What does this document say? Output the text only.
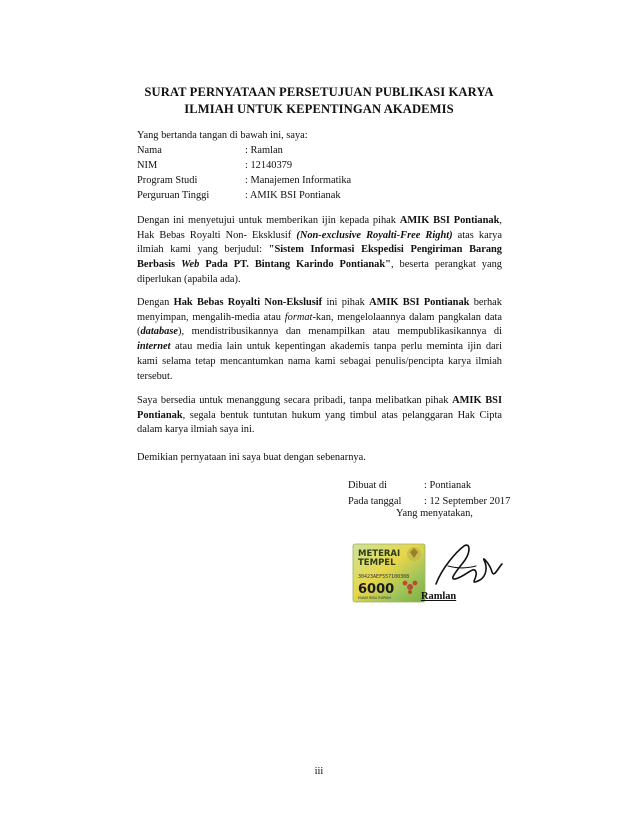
SURAT PERNYATAAN PERSETUJUAN PUBLIKASI KARYA
ILMIAH UNTUK KEPENTINGAN AKADEMIS
Yang bertanda tangan di bawah ini, saya:
Nama	: Ramlan
NIM	: 12140379
Program Studi	: Manajemen Informatika
Perguruan Tinggi	: AMIK BSI Pontianak
Dengan ini menyetujui untuk memberikan ijin kepada pihak AMIK BSI Pontianak, Hak Bebas Royalti Non- Eksklusif (Non-exclusive Royalti-Free Right) atas karya ilmiah kami yang berjudul: "Sistem Informasi Ekspedisi Pengiriman Barang Berbasis Web Pada PT. Bintang Karindo Pontianak", beserta perangkat yang diperlukan (apabila ada).
Dengan Hak Bebas Royalti Non-Ekslusif ini pihak AMIK BSI Pontianak berhak menyimpan, mengalih-media atau format-kan, mengelolaannya dalam pangkalan data (database), mendistribusikannya dan menampilkan atau mempublikasikannya di internet atau media lain untuk kepentingan akademis tanpa perlu meminta ijin dari kami selama tetap mencantumkan nama kami sebagai penulis/pencipta karya ilmiah tersebut.
Saya bersedia untuk menanggung secara pribadi, tanpa melibatkan pihak AMIK BSI Pontianak, segala bentuk tuntutan hukum yang timbul atas pelanggaran Hak Cipta dalam karya ilmiah saya ini.
Demikian pernyataan ini saya buat dengan sebenarnya.
Dibuat di	: Pontianak
Pada tanggal	: 12 September 2017
Yang menyatakan,
METERAI
TEMPEL
30423AEF557100308
6000
ENAM RIBU RUPIAH	Ramlan
iii
